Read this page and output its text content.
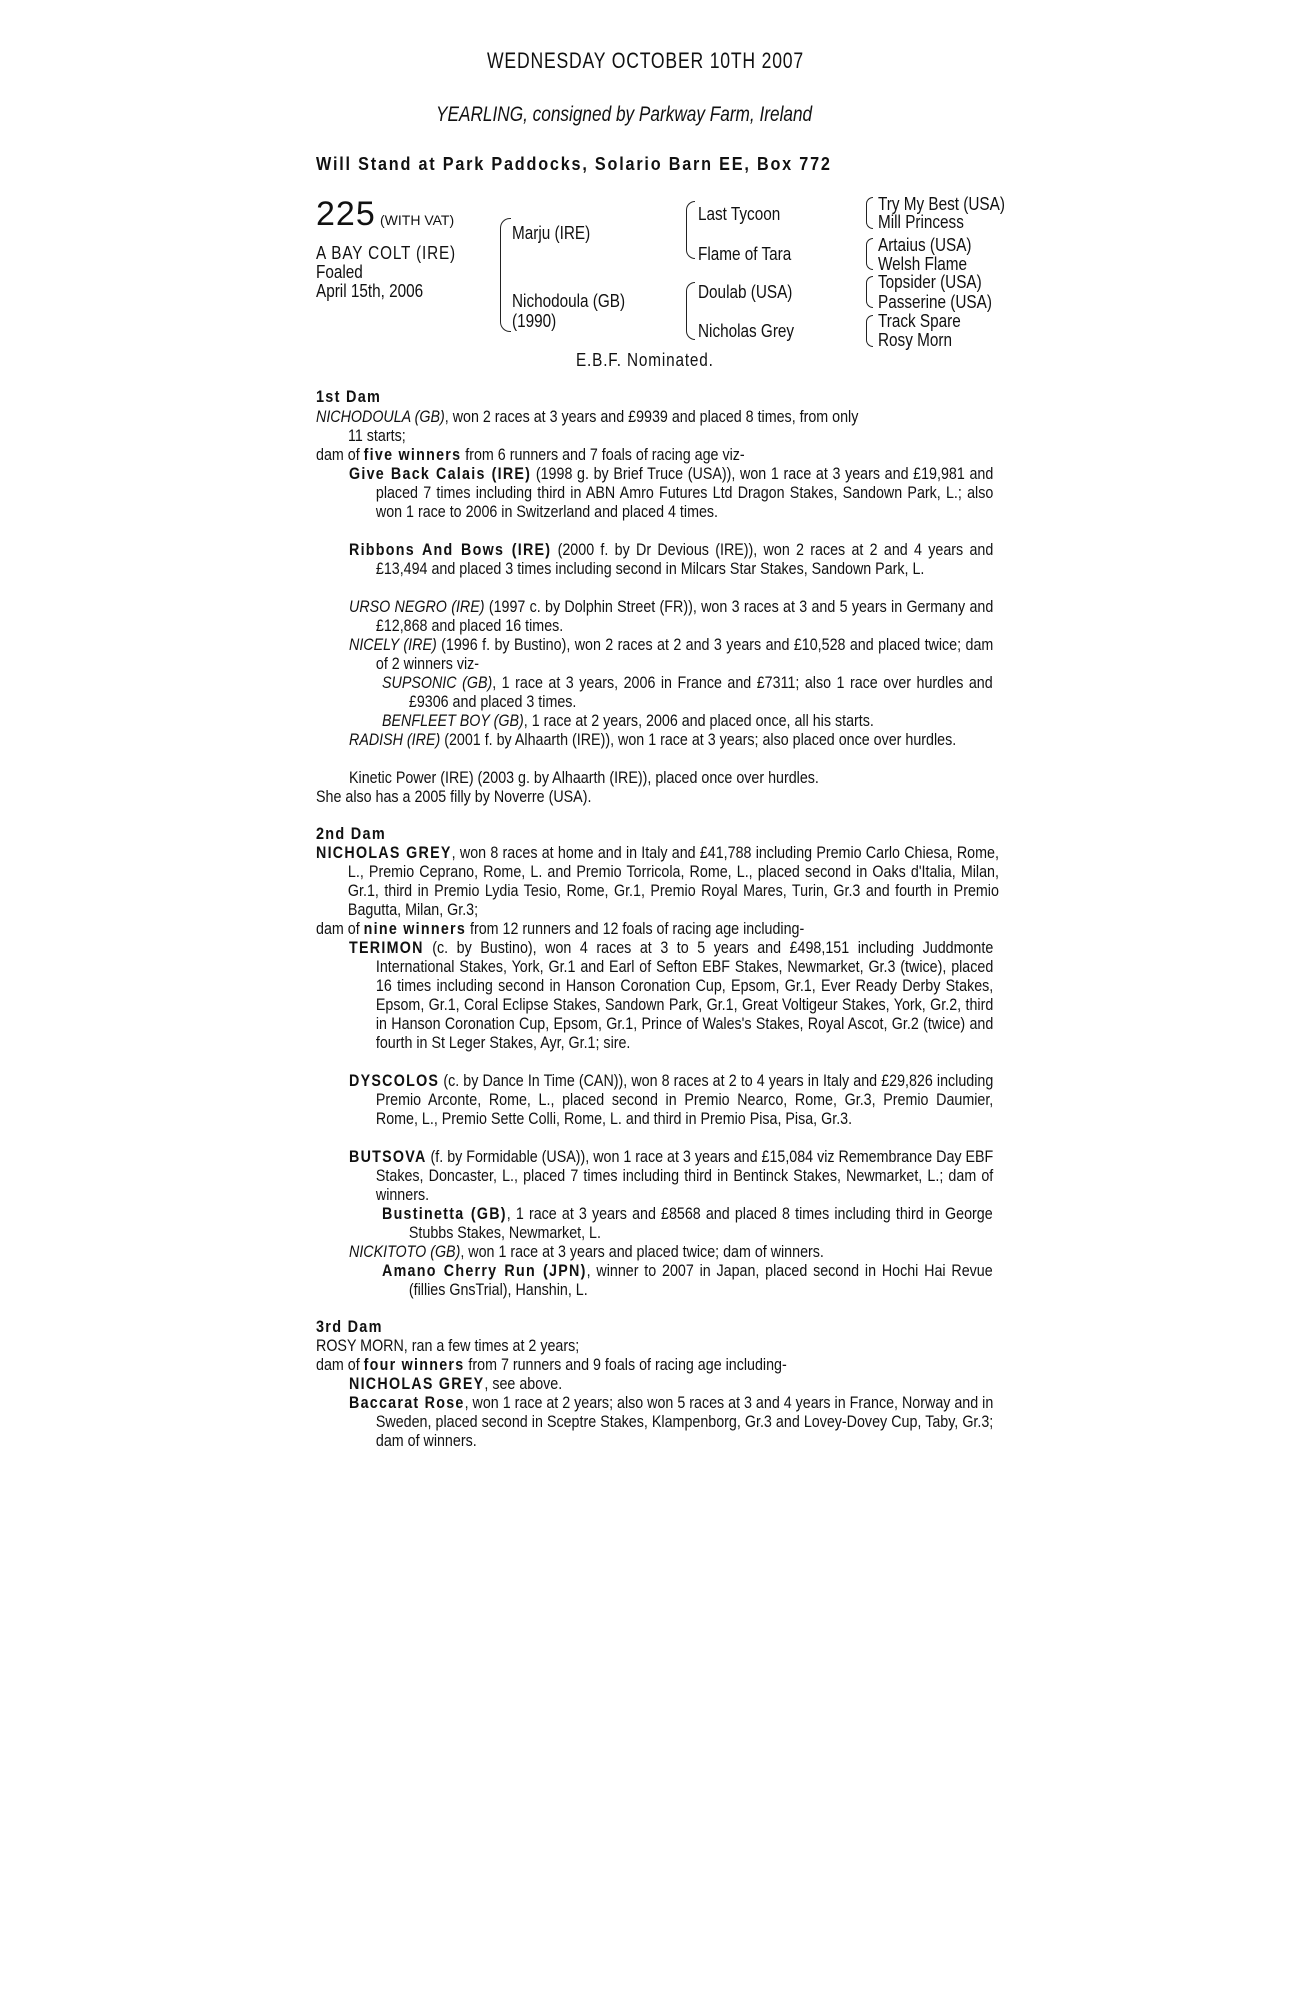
WEDNESDAY OCTOBER 10TH 2007
YEARLING, consigned by Parkway Farm, Ireland
Will Stand at Park Paddocks, Solario Barn EE, Box 772
225 (WITH VAT)
A BAY COLT (IRE)
Foaled
April 15th, 2006
Marju (IRE)
Nichodoula (GB)
(1990)
Last Tycoon
Flame of Tara
Doulab (USA)
Nicholas Grey
Try My Best (USA)
Mill Princess
Artaius (USA)
Welsh Flame
Topsider (USA)
Passerine (USA)
Track Spare
Rosy Morn
E.B.F. Nominated.
1st Dam
NICHODOULA (GB), won 2 races at 3 years and £9939 and placed 8 times, from only
11 starts;
dam of five winners from 6 runners and 7 foals of racing age viz-
Give Back Calais (IRE) (1998 g. by Brief Truce (USA)), won 1 race at 3 years and £19,981 and placed 7 times including third in ABN Amro Futures Ltd Dragon Stakes, Sandown Park, L.; also won 1 race to 2006 in Switzerland and placed 4 times.
Ribbons And Bows (IRE) (2000 f. by Dr Devious (IRE)), won 2 races at 2 and 4 years and £13,494 and placed 3 times including second in Milcars Star Stakes, Sandown Park, L.
URSO NEGRO (IRE) (1997 c. by Dolphin Street (FR)), won 3 races at 3 and 5 years in Germany and £12,868 and placed 16 times.
NICELY (IRE) (1996 f. by Bustino), won 2 races at 2 and 3 years and £10,528 and placed twice; dam of 2 winners viz-
SUPSONIC (GB), 1 race at 3 years, 2006 in France and £7311; also 1 race over hurdles and £9306 and placed 3 times.
BENFLEET BOY (GB), 1 race at 2 years, 2006 and placed once, all his starts.
RADISH (IRE) (2001 f. by Alhaarth (IRE)), won 1 race at 3 years; also placed once over hurdles.
Kinetic Power (IRE) (2003 g. by Alhaarth (IRE)), placed once over hurdles.
She also has a 2005 filly by Noverre (USA).
2nd Dam
NICHOLAS GREY, won 8 races at home and in Italy and £41,788 including Premio Carlo Chiesa, Rome, L., Premio Ceprano, Rome, L. and Premio Torricola, Rome, L., placed second in Oaks d'Italia, Milan, Gr.1, third in Premio Lydia Tesio, Rome, Gr.1, Premio Royal Mares, Turin, Gr.3 and fourth in Premio Bagutta, Milan, Gr.3;
dam of nine winners from 12 runners and 12 foals of racing age including-
TERIMON (c. by Bustino), won 4 races at 3 to 5 years and £498,151 including Juddmonte International Stakes, York, Gr.1 and Earl of Sefton EBF Stakes, Newmarket, Gr.3 (twice), placed 16 times including second in Hanson Coronation Cup, Epsom, Gr.1, Ever Ready Derby Stakes, Epsom, Gr.1, Coral Eclipse Stakes, Sandown Park, Gr.1, Great Voltigeur Stakes, York, Gr.2, third in Hanson Coronation Cup, Epsom, Gr.1, Prince of Wales's Stakes, Royal Ascot, Gr.2 (twice) and fourth in St Leger Stakes, Ayr, Gr.1; sire.
DYSCOLOS (c. by Dance In Time (CAN)), won 8 races at 2 to 4 years in Italy and £29,826 including Premio Arconte, Rome, L., placed second in Premio Nearco, Rome, Gr.3, Premio Daumier, Rome, L., Premio Sette Colli, Rome, L. and third in Premio Pisa, Pisa, Gr.3.
BUTSOVA (f. by Formidable (USA)), won 1 race at 3 years and £15,084 viz Remembrance Day EBF Stakes, Doncaster, L., placed 7 times including third in Bentinck Stakes, Newmarket, L.; dam of winners.
Bustinetta (GB), 1 race at 3 years and £8568 and placed 8 times including third in George Stubbs Stakes, Newmarket, L.
NICKITOTO (GB), won 1 race at 3 years and placed twice; dam of winners.
Amano Cherry Run (JPN), winner to 2007 in Japan, placed second in Hochi Hai Revue (fillies GnsTrial), Hanshin, L.
3rd Dam
ROSY MORN, ran a few times at 2 years;
dam of four winners from 7 runners and 9 foals of racing age including-
NICHOLAS GREY, see above.
Baccarat Rose, won 1 race at 2 years; also won 5 races at 3 and 4 years in France, Norway and in Sweden, placed second in Sceptre Stakes, Klampenborg, Gr.3 and Lovey-Dovey Cup, Taby, Gr.3; dam of winners.
